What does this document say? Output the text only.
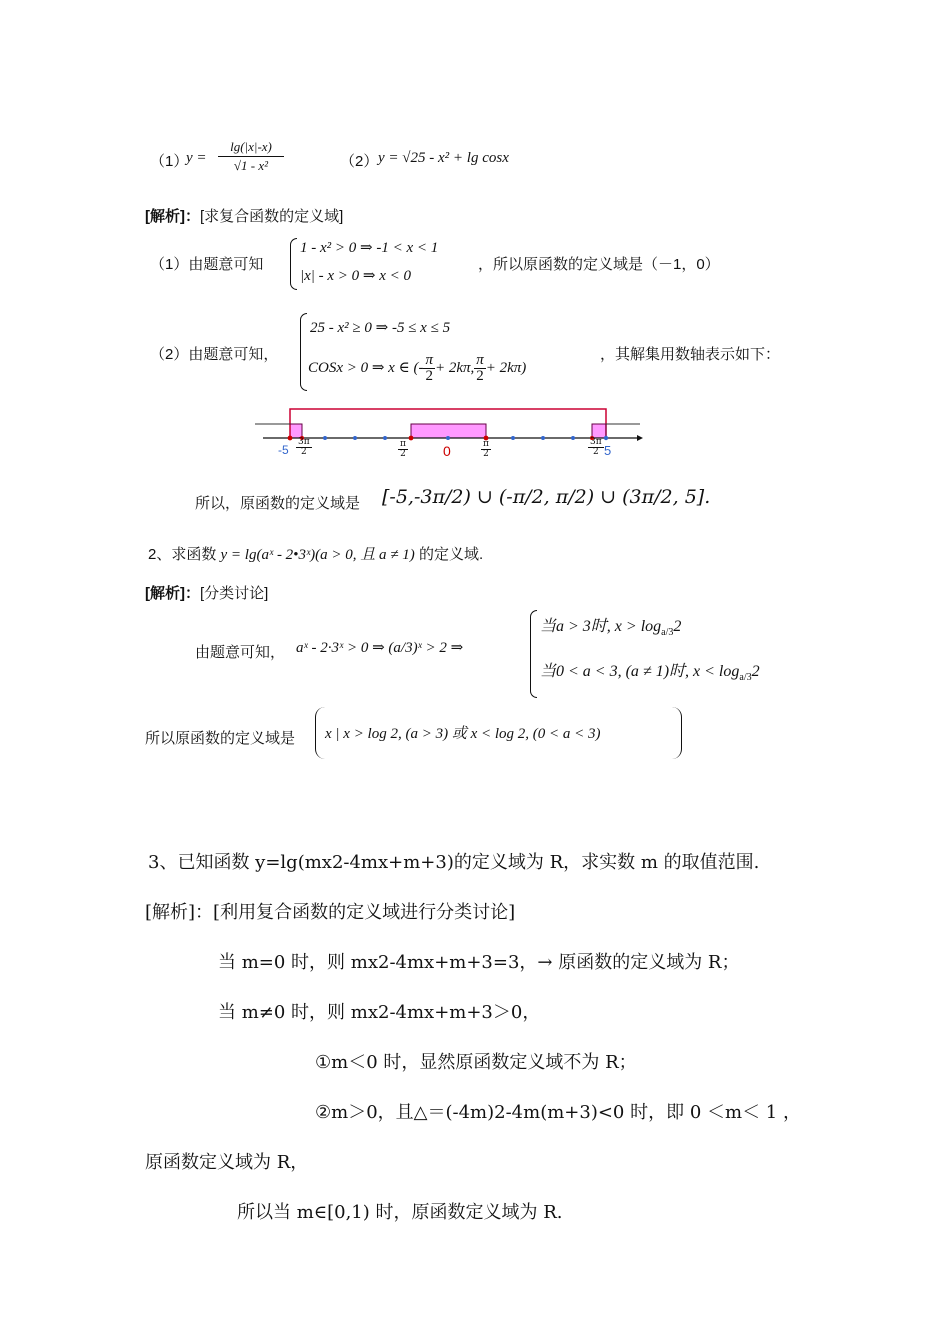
（1）
$y = \frac{\lg(|x|-x)}{\text{√1 - x²}}$	（2） y = √25 - x² + lg cosx
[解析]：[求复合函数的定义域]
（1）由题意可知
1 - x² > 0 ⇒ -1 < x < 1
|x| - x > 0 ⇒ x < 0
，所以原函数的定义域是（－1，0）
（2）由题意可知，
25 - x² ≥ 0 ⇒ -5 ≤ x ≤ 5
COSx > 0 ⇒ x ∈ (- $\frac{\pi}{2} + 2k\pi$, $\frac{\pi}{2} + 2k\pi$)
，其解集用数轴表示如下：
$-5 \frac{3\pi}{2}$	$\frac{\pi}{2}$	0	$\frac{\pi}{2}$	$\frac{3\pi}{2} 5$
所以，原函数的定义域是 [-5,-3π/2) ∪ (-π/2, π/2) ∪ (3π/2, 5].
2、求函数 y = lg(aˣ - 2•3ˣ)(a > 0, 且 a ≠ 1) 的定义域.
[解析]：[分类讨论]
由题意可知， aˣ - 2·3ˣ > 0 ⇒ (a/3)ˣ > 2 ⇒
当a > 3时, $x > \log_{a/3}2$
当0 < a < 3, (a ≠ 1)时, $x < \log_{a/3}2$
所以原函数的定义域是 x | x > log 2, (a > 3) 或 x < log 2, (0 < a < 3)
3、已知函数 y=lg(mx2-4mx+m+3)的定义域为 R，求实数 m 的取值范围.
[解析]：[利用复合函数的定义域进行分类讨论]
当 m=0 时，则 mx2-4mx+m+3=3，→ 原函数的定义域为 R；
当 m≠0 时，则 mx2-4mx+m+3＞0，
①m＜0 时，显然原函数定义域不为 R；
②m＞0，且△＝(-4m)2-4m(m+3)<0 时，即 0 ＜m＜ 1 ，
原函数定义域为 R，
所以当 m∈[0,1) 时，原函数定义域为 R.
